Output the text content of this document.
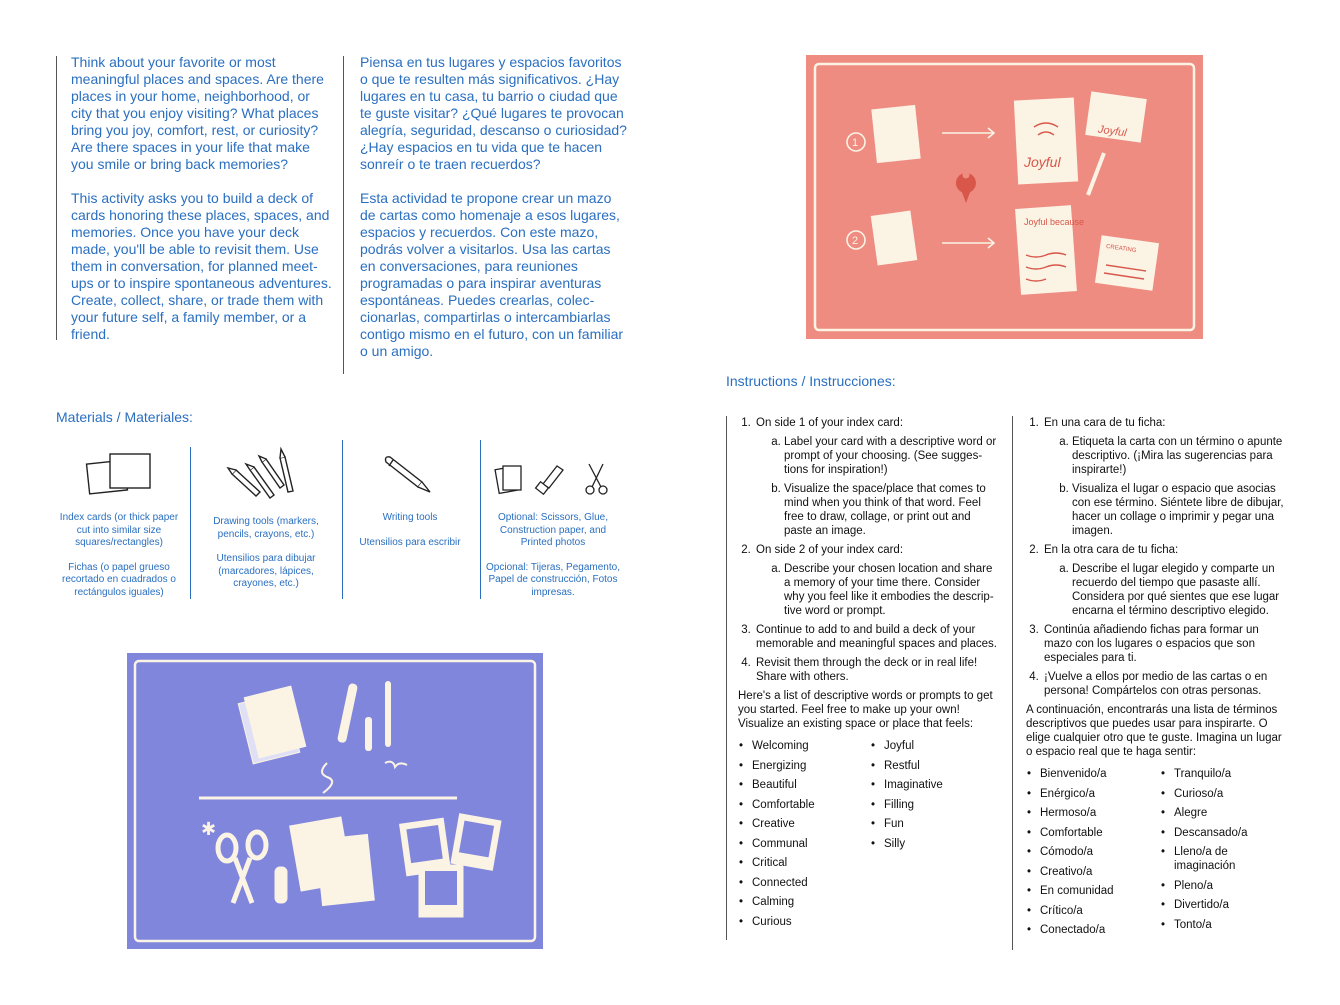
Think about your favorite or most meaningful places and spaces. Are there places in your home, neighborhood, or city that you enjoy visiting? What places bring you joy, comfort, rest, or curiosity? Are there spaces in your life that make you smile or bring back memories?

This activity asks you to build a deck of cards honoring these places, spaces, and memories. Once you have your deck made, you'll be able to revisit them. Use them in conversation, for planned meet-ups or to inspire spontaneous adventures. Create, collect, share, or trade them with your future self, a family member, or a friend.

Piensa en tus lugares y espacios favoritos o que te resulten más significativos. ¿Hay lugares en tu casa, tu barrio o ciudad que te guste visitar? ¿Qué lugares te provocan alegría, seguridad, descanso o curiosidad? ¿Hay espacios en tu vida que te hacen sonreír o te traen recuerdos?

Esta actividad te propone crear un mazo de cartas como homenaje a esos lugares, espacios y recuerdos. Con este mazo, podrás volver a visitarlos. Usa las cartas en conversaciones, para reuniones programadas o para inspirar aventuras espontáneas. Puedes crearlas, coleccionarlas, compartirlas o intercambiarlas contigo mismo en el futuro, con un familiar o un amigo.

Materials / Materiales:

Index cards (or thick paper cut into similar size squares/rectangles)

Fichas (o papel grueso recortado en cuadrados o rectángulos iguales)

Drawing tools (markers, pencils, crayons, etc.)

Utensilios para dibujar (marcadores, lápices, crayones, etc.)

Writing tools

Utensilios para escribir

Optional: Scissors, Glue, Construction paper, and Printed photos

Opcional: Tijeras, Pegamento, Papel de construcción, Fotos impresas.

✱
1
2
Joyful
Joyful
Joyful because
CREATING
Instructions / Instrucciones:
1. On side 1 of your index card:
a. Label your card with a descriptive word or prompt of your choosing. (See suggestions for inspiration!)
b. Visualize the space/place that comes to mind when you think of that word. Feel free to draw, collage, or print out and paste an image.
2. On side 2 of your index card:
a. Describe your chosen location and share a memory of your time there. Consider why you feel like it embodies the descriptive word or prompt.
3. Continue to add to and build a deck of your memorable and meaningful spaces and places.
4. Revisit them through the deck or in real life! Share with others.

Here's a list of descriptive words or prompts to get you started. Feel free to make up your own! Visualize an existing space or place that feels:

• Welcoming
• Energizing
• Beautiful
• Comfortable
• Creative
• Communal
• Critical
• Connected
• Calming
• Curious
• Joyful
• Restful
• Imaginative
• Filling
• Fun
• Silly
1. En una cara de tu ficha:
a. Etiqueta la carta con un término o apunte descriptivo. (¡Mira las sugerencias para inspirarte!)
b. Visualiza el lugar o espacio que asocias con ese término. Siéntete libre de dibujar, hacer un collage o imprimir y pegar una imagen.
2. En la otra cara de tu ficha:
a. Describe el lugar elegido y comparte un recuerdo del tiempo que pasaste allí. Considera por qué sientes que ese lugar encarna el término descriptivo elegido.
3. Continúa añadiendo fichas para formar un mazo con los lugares o espacios que son especiales para ti.
4. ¡Vuelve a ellos por medio de las cartas o en persona! Compártelos con otras personas.

A continuación, encontrarás una lista de términos descriptivos que puedes usar para inspirarte. O elige cualquier otro que te guste. Imagina un lugar o espacio real que te haga sentir:

• Bienvenido/a
• Enérgico/a
• Hermoso/a
• Comfortable
• Cómodo/a
• Creativo/a
• En comunidad
• Crítico/a
• Conectado/a
• Tranquilo/a
• Curioso/a
• Alegre
• Descansado/a
• Lleno/a de imaginación
• Pleno/a
• Divertido/a
• Tonto/a
